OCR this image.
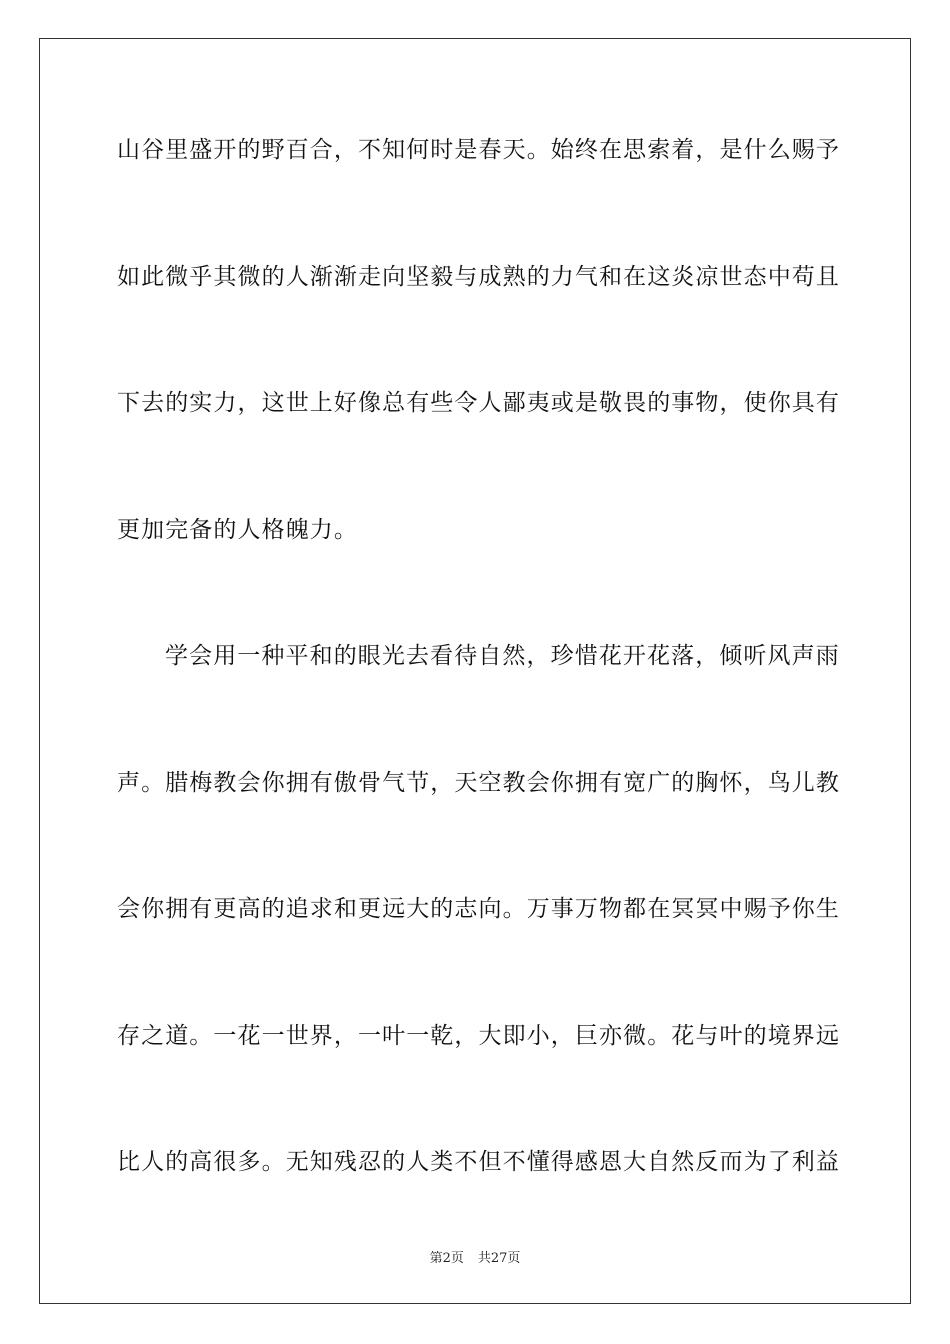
山谷里盛开的野百合，不知何时是春天。始终在思索着，是什么赐予
如此微乎其微的人渐渐走向坚毅与成熟的力气和在这炎凉世态中苟且
下去的实力，这世上好像总有些令人鄙夷或是敬畏的事物，使你具有
更加完备的人格魄力。
学会用一种平和的眼光去看待自然，珍惜花开花落，倾听风声雨
声。腊梅教会你拥有傲骨气节，天空教会你拥有宽广的胸怀，鸟儿教
会你拥有更高的追求和更远大的志向。万事万物都在冥冥中赐予你生
存之道。一花一世界，一叶一乾，大即小，巨亦微。花与叶的境界远
比人的高很多。无知残忍的人类不但不懂得感恩大自然反而为了利益
第2页 共27页
